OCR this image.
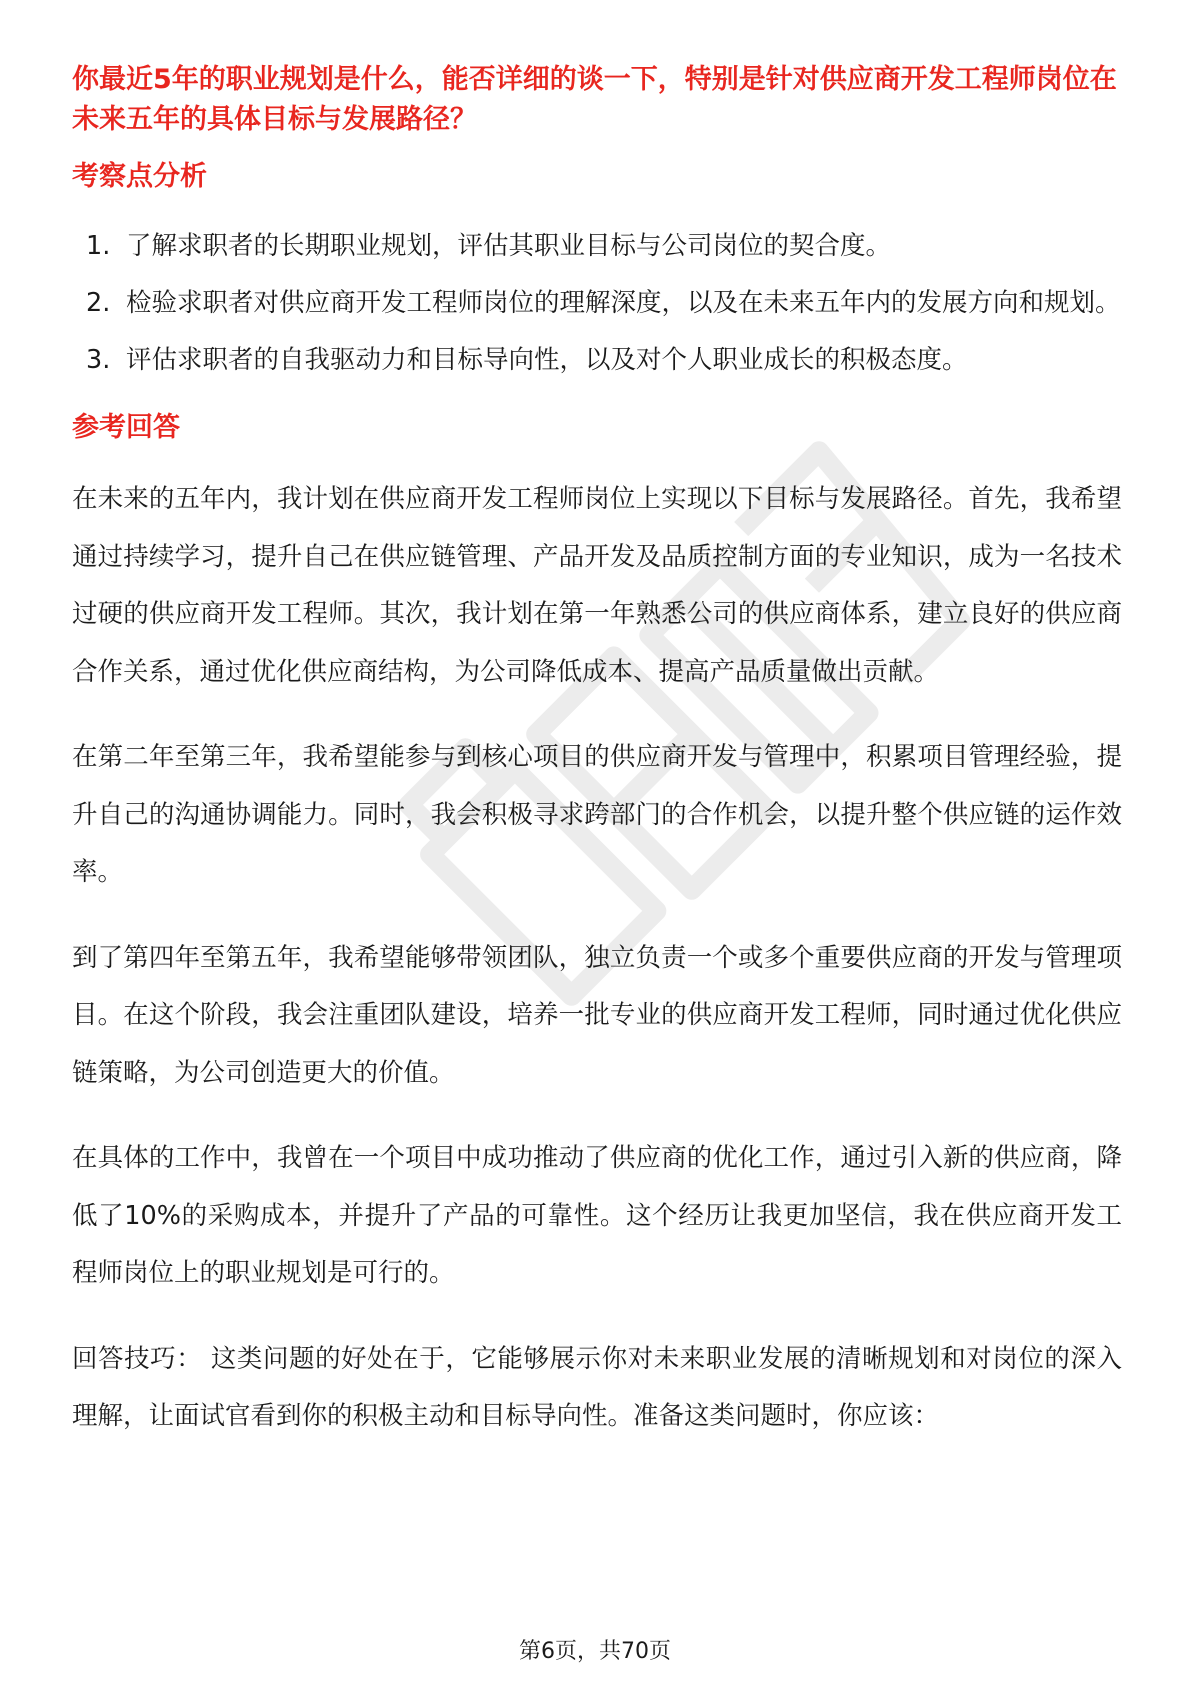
你最近5年的职业规划是什么，能否详细的谈一下，特别是针对供应商开发工程师岗位在未来五年的具体目标与发展路径？

考察点分析
1. 了解求职者的长期职业规划，评估其职业目标与公司岗位的契合度。
2. 检验求职者对供应商开发工程师岗位的理解深度，以及在未来五年内的发展方向和规划。
3. 评估求职者的自我驱动力和目标导向性，以及对个人职业成长的积极态度。
参考回答

在未来的五年内，我计划在供应商开发工程师岗位上实现以下目标与发展路径。首先，我希望通过持续学习，提升自己在供应链管理、产品开发及品质控制方面的专业知识，成为一名技术过硬的供应商开发工程师。其次，我计划在第一年熟悉公司的供应商体系，建立良好的供应商合作关系，通过优化供应商结构，为公司降低成本、提高产品质量做出贡献。

在第二年至第三年，我希望能参与到核心项目的供应商开发与管理中，积累项目管理经验，提升自己的沟通协调能力。同时，我会积极寻求跨部门的合作机会，以提升整个供应链的运作效率。

到了第四年至第五年，我希望能够带领团队，独立负责一个或多个重要供应商的开发与管理项目。在这个阶段，我会注重团队建设，培养一批专业的供应商开发工程师，同时通过优化供应链策略，为公司创造更大的价值。

在具体的工作中，我曾在一个项目中成功推动了供应商的优化工作，通过引入新的供应商，降低了10%的采购成本，并提升了产品的可靠性。这个经历让我更加坚信，我在供应商开发工程师岗位上的职业规划是可行的。

回答技巧： 这类问题的好处在于，它能够展示你对未来职业发展的清晰规划和对岗位的深入理解，让面试官看到你的积极主动和目标导向性。准备这类问题时，你应该：

第6页，共70页
